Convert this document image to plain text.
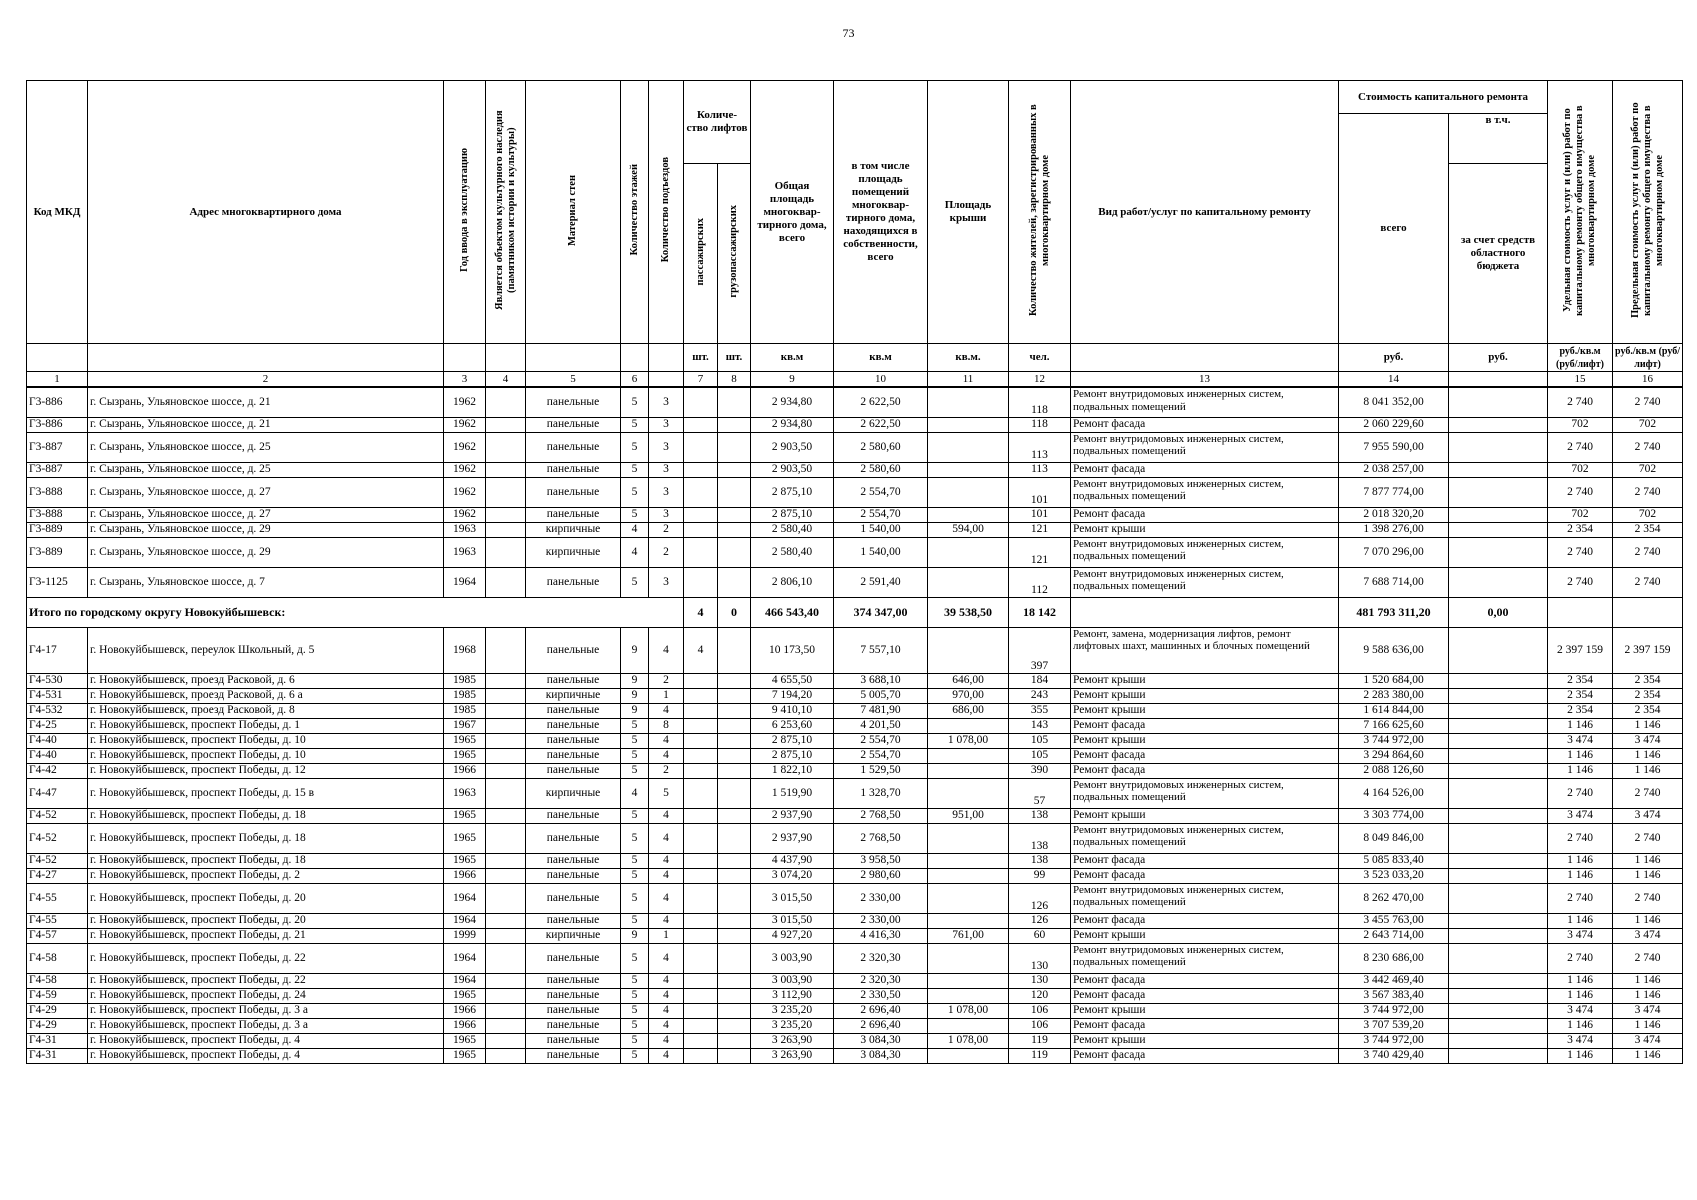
73
Код МКД	Адрес многоквартирного дома	Год ввода в эксплуатацию	Является объектом культурного наследия (памятником истории и культуры)	Материал стен	Количество этажей	Количество подъездов	Количе- ство лифтов		Общая площадь многоквар- тирного дома, всего	в том числе площадь помещений многоквар- тирного дома, находящихся в собственности, всего	Площадь крыши	Количество жителей, зарегистрированных в многоквартирном доме	Вид работ/услуг по капитальному ремонту	Стоимость капитального ремонта		Удельная стоимость услуг и (или) работ по капитальному ремонту общего имущества в многоквартирном доме	Предельная стоимость услуг и (или) работ по капитальному ремонту общего имущества в многоквартирном доме
														всего	в т.ч.		
							пассажирских	грузопассажирских							за счет средств областного бюджета		
							шт.	шт.	кв.м	кв.м	кв.м.	чел.		руб.	руб.	руб./кв.м (руб/лифт)	руб./кв.м (руб/лифт)
1	2	3	4	5	6		7	8	9	10	11	12	13	14		15	16
Г3-886	г. Сызрань, Ульяновское шоссе, д. 21	1962		панельные	5	3			2 934,80	2 622,50		118	Ремонт внутридомовых инженерных систем, подвальных помещений	8 041 352,00		2 740	2 740
Г3-886	г. Сызрань, Ульяновское шоссе, д. 21	1962		панельные	5	3			2 934,80	2 622,50		118	Ремонт фасада	2 060 229,60		702	702
Г3-887	г. Сызрань, Ульяновское шоссе, д. 25	1962		панельные	5	3			2 903,50	2 580,60		113	Ремонт внутридомовых инженерных систем, подвальных помещений	7 955 590,00		2 740	2 740
Г3-887	г. Сызрань, Ульяновское шоссе, д. 25	1962		панельные	5	3			2 903,50	2 580,60		113	Ремонт фасада	2 038 257,00		702	702
Г3-888	г. Сызрань, Ульяновское шоссе, д. 27	1962		панельные	5	3			2 875,10	2 554,70		101	Ремонт внутридомовых инженерных систем, подвальных помещений	7 877 774,00		2 740	2 740
Г3-888	г. Сызрань, Ульяновское шоссе, д. 27	1962		панельные	5	3			2 875,10	2 554,70		101	Ремонт фасада	2 018 320,20		702	702
Г3-889	г. Сызрань, Ульяновское шоссе, д. 29	1963		кирпичные	4	2			2 580,40	1 540,00	594,00	121	Ремонт крыши	1 398 276,00		2 354	2 354
Г3-889	г. Сызрань, Ульяновское шоссе, д. 29	1963		кирпичные	4	2			2 580,40	1 540,00		121	Ремонт внутридомовых инженерных систем, подвальных помещений	7 070 296,00		2 740	2 740
Г3-1125	г. Сызрань, Ульяновское шоссе, д. 7	1964		панельные	5	3			2 806,10	2 591,40		112	Ремонт внутридомовых инженерных систем, подвальных помещений	7 688 714,00		2 740	2 740
Итого по городскому округу Новокуйбышевск:							4	0	466 543,40	374 347,00	39 538,50	18 142		481 793 311,20	0,00		
Г4-17	г. Новокуйбышевск, переулок Школьный, д. 5	1968		панельные	9	4	4		10 173,50	7 557,10		397	Ремонт, замена, модернизация лифтов, ремонт лифтовых шахт, машинных и блочных помещений	9 588 636,00		2 397 159	2 397 159
Г4-530	г. Новокуйбышевск, проезд Расковой, д. 6	1985		панельные	9	2			4 655,50	3 688,10	646,00	184	Ремонт крыши	1 520 684,00		2 354	2 354
Г4-531	г. Новокуйбышевск, проезд Расковой, д. 6 а	1985		кирпичные	9	1			7 194,20	5 005,70	970,00	243	Ремонт крыши	2 283 380,00		2 354	2 354
Г4-532	г. Новокуйбышевск, проезд Расковой, д. 8	1985		панельные	9	4			9 410,10	7 481,90	686,00	355	Ремонт крыши	1 614 844,00		2 354	2 354
Г4-25	г. Новокуйбышевск, проспект Победы, д. 1	1967		панельные	5	8			6 253,60	4 201,50		143	Ремонт фасада	7 166 625,60		1 146	1 146
Г4-40	г. Новокуйбышевск, проспект Победы, д. 10	1965		панельные	5	4			2 875,10	2 554,70	1 078,00	105	Ремонт крыши	3 744 972,00		3 474	3 474
Г4-40	г. Новокуйбышевск, проспект Победы, д. 10	1965		панельные	5	4			2 875,10	2 554,70		105	Ремонт фасада	3 294 864,60		1 146	1 146
Г4-42	г. Новокуйбышевск, проспект Победы, д. 12	1966		панельные	5	2			1 822,10	1 529,50		390	Ремонт фасада	2 088 126,60		1 146	1 146
Г4-47	г. Новокуйбышевск, проспект Победы, д. 15 в	1963		кирпичные	4	5			1 519,90	1 328,70		57	Ремонт внутридомовых инженерных систем, подвальных помещений	4 164 526,00		2 740	2 740
Г4-52	г. Новокуйбышевск, проспект Победы, д. 18	1965		панельные	5	4			2 937,90	2 768,50	951,00	138	Ремонт крыши	3 303 774,00		3 474	3 474
Г4-52	г. Новокуйбышевск, проспект Победы, д. 18	1965		панельные	5	4			2 937,90	2 768,50		138	Ремонт внутридомовых инженерных систем, подвальных помещений	8 049 846,00		2 740	2 740
Г4-52	г. Новокуйбышевск, проспект Победы, д. 18	1965		панельные	5	4			4 437,90	3 958,50		138	Ремонт фасада	5 085 833,40		1 146	1 146
Г4-27	г. Новокуйбышевск, проспект Победы, д. 2	1966		панельные	5	4			3 074,20	2 980,60		99	Ремонт фасада	3 523 033,20		1 146	1 146
Г4-55	г. Новокуйбышевск, проспект Победы, д. 20	1964		панельные	5	4			3 015,50	2 330,00		126	Ремонт внутридомовых инженерных систем, подвальных помещений	8 262 470,00		2 740	2 740
Г4-55	г. Новокуйбышевск, проспект Победы, д. 20	1964		панельные	5	4			3 015,50	2 330,00		126	Ремонт фасада	3 455 763,00		1 146	1 146
Г4-57	г. Новокуйбышевск, проспект Победы, д. 21	1999		кирпичные	9	1			4 927,20	4 416,30	761,00	60	Ремонт крыши	2 643 714,00		3 474	3 474
Г4-58	г. Новокуйбышевск, проспект Победы, д. 22	1964		панельные	5	4			3 003,90	2 320,30		130	Ремонт внутридомовых инженерных систем, подвальных помещений	8 230 686,00		2 740	2 740
Г4-58	г. Новокуйбышевск, проспект Победы, д. 22	1964		панельные	5	4			3 003,90	2 320,30		130	Ремонт фасада	3 442 469,40		1 146	1 146
Г4-59	г. Новокуйбышевск, проспект Победы, д. 24	1965		панельные	5	4			3 112,90	2 330,50		120	Ремонт фасада	3 567 383,40		1 146	1 146
Г4-29	г. Новокуйбышевск, проспект Победы, д. 3 а	1966		панельные	5	4			3 235,20	2 696,40	1 078,00	106	Ремонт крыши	3 744 972,00		3 474	3 474
Г4-29	г. Новокуйбышевск, проспект Победы, д. 3 а	1966		панельные	5	4			3 235,20	2 696,40		106	Ремонт фасада	3 707 539,20		1 146	1 146
Г4-31	г. Новокуйбышевск, проспект Победы, д. 4	1965		панельные	5	4			3 263,90	3 084,30	1 078,00	119	Ремонт крыши	3 744 972,00		3 474	3 474
Г4-31	г. Новокуйбышевск, проспект Победы, д. 4	1965		панельные	5	4			3 263,90	3 084,30		119	Ремонт фасада	3 740 429,40		1 146	1 146
